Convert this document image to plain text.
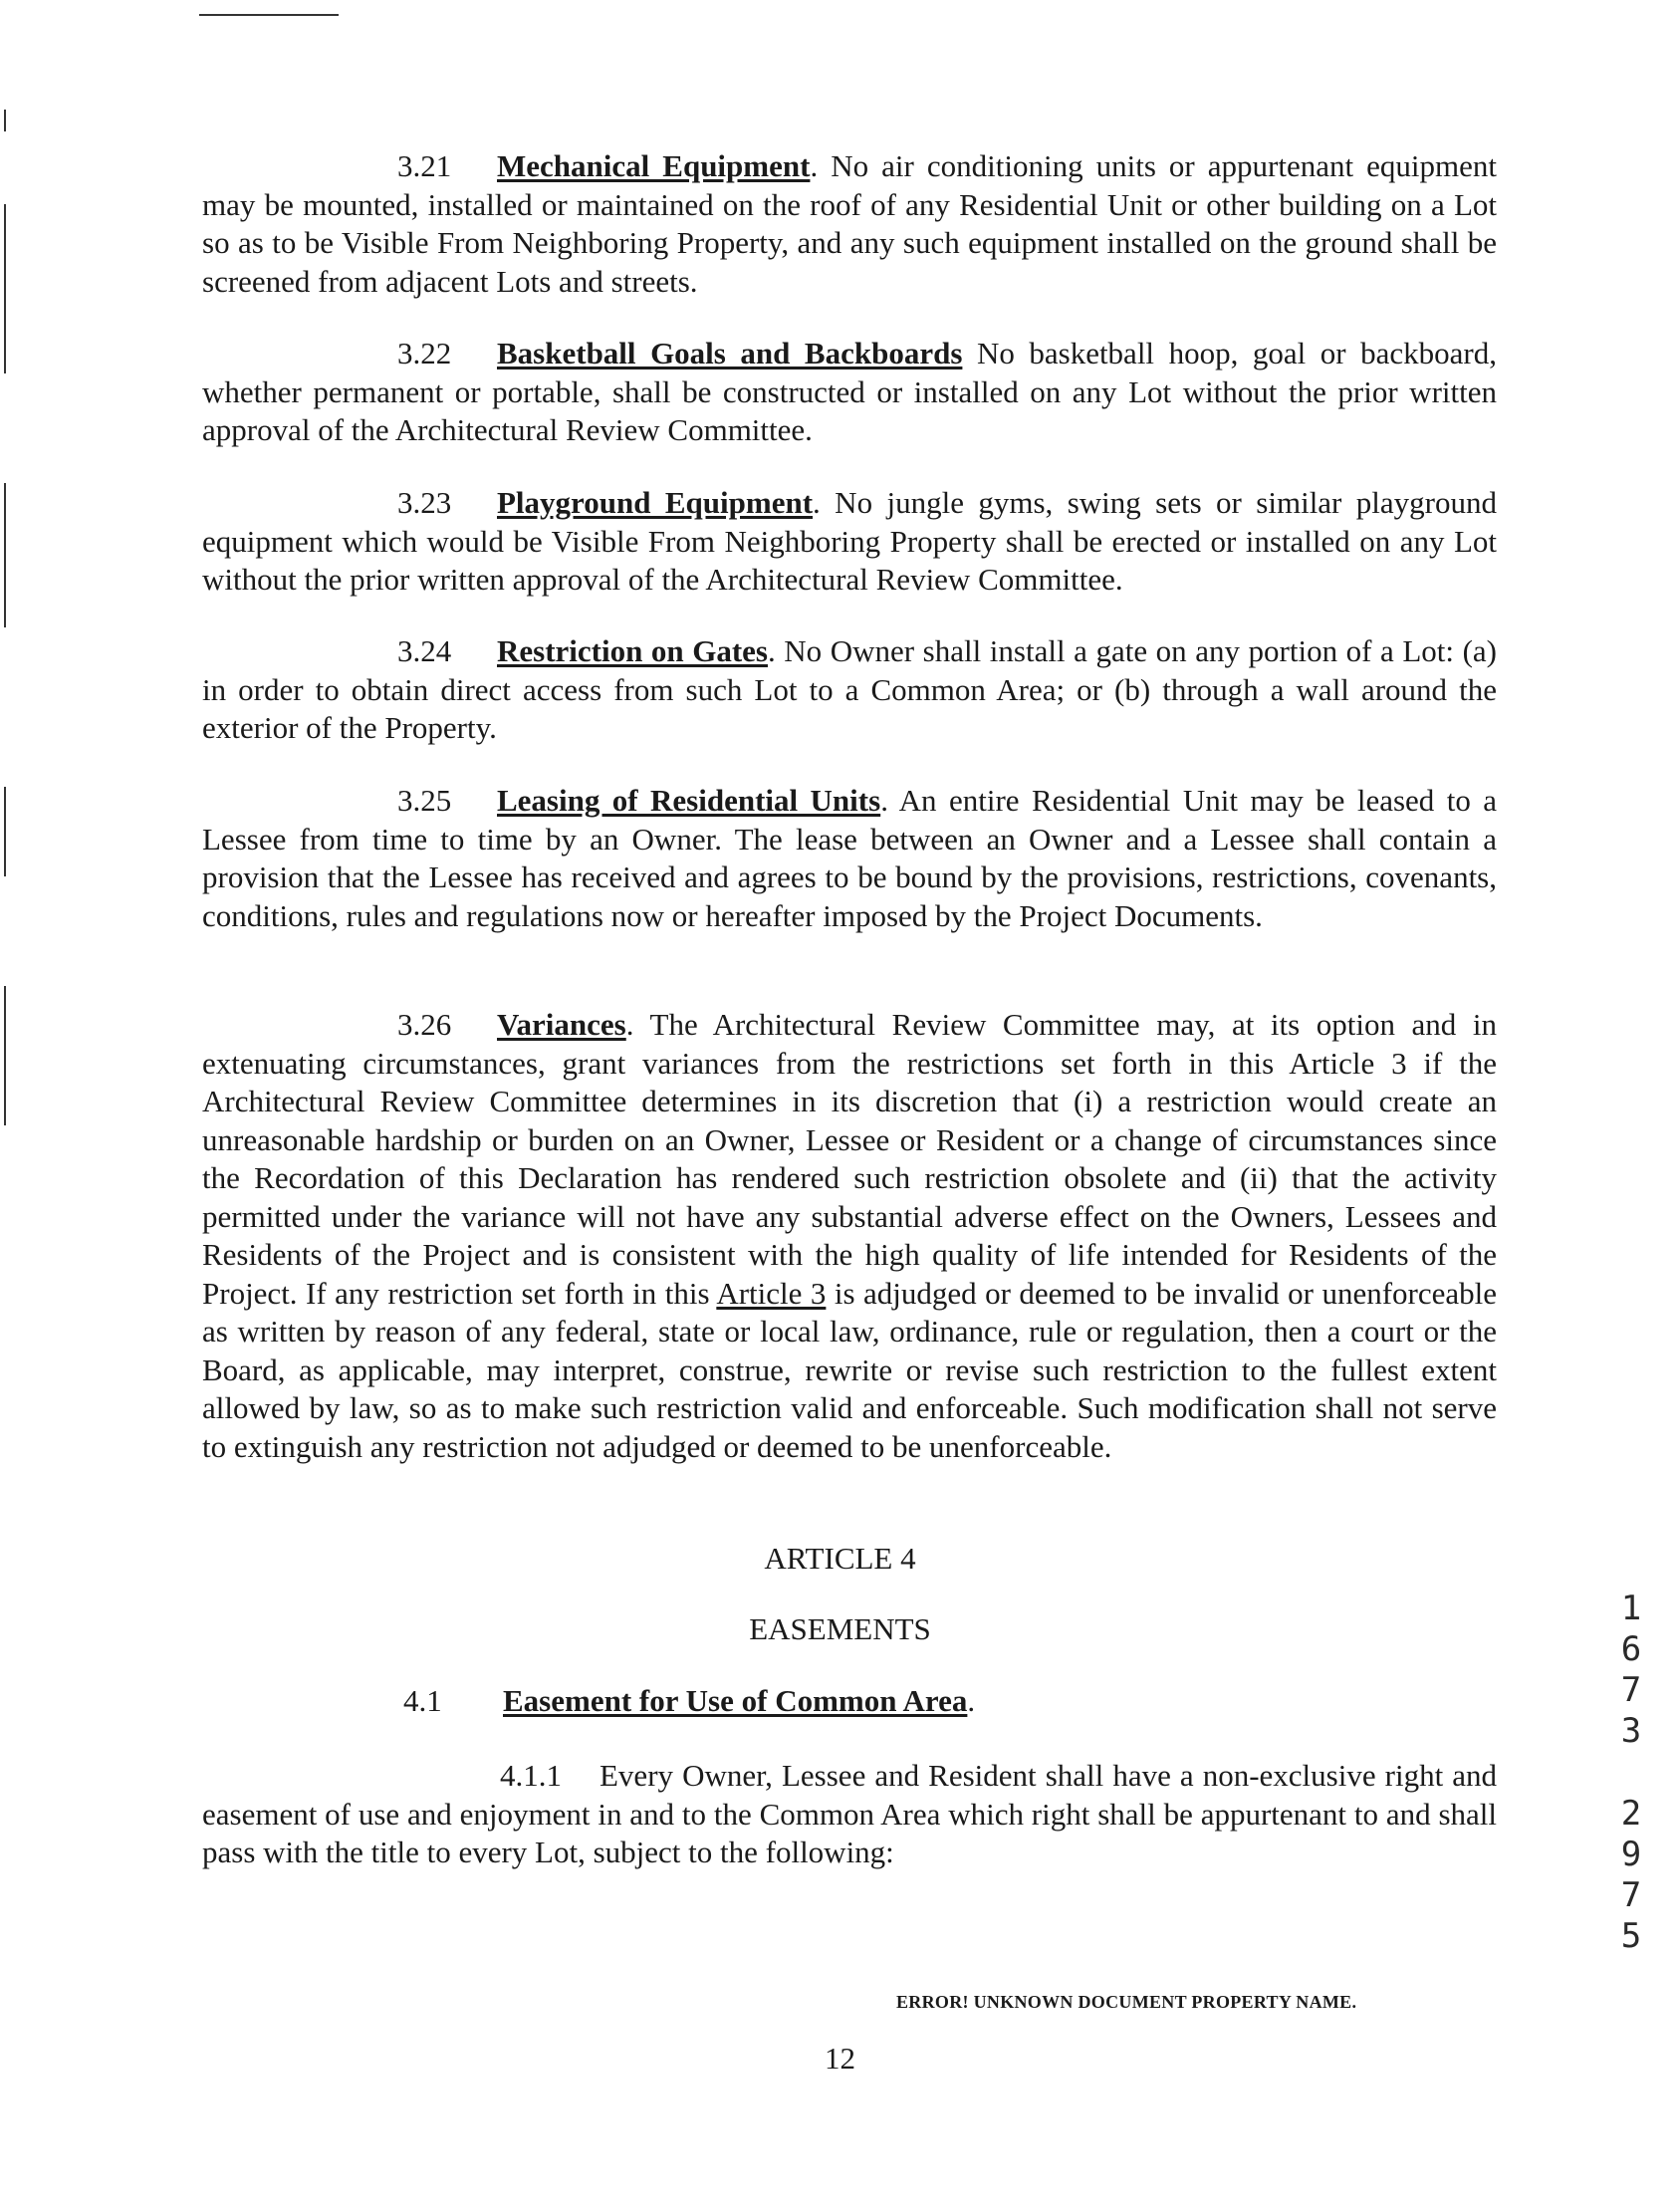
3.21 Mechanical Equipment. No air conditioning units or appurtenant equipment may be mounted, installed or maintained on the roof of any Residential Unit or other building on a Lot so as to be Visible From Neighboring Property, and any such equipment installed on the ground shall be screened from adjacent Lots and streets.

3.22 Basketball Goals and Backboards No basketball hoop, goal or backboard, whether permanent or portable, shall be constructed or installed on any Lot without the prior written approval of the Architectural Review Committee.

3.23 Playground Equipment. No jungle gyms, swing sets or similar playground equipment which would be Visible From Neighboring Property shall be erected or installed on any Lot without the prior written approval of the Architectural Review Committee.

3.24 Restriction on Gates. No Owner shall install a gate on any portion of a Lot: (a) in order to obtain direct access from such Lot to a Common Area; or (b) through a wall around the exterior of the Property.

3.25 Leasing of Residential Units. An entire Residential Unit may be leased to a Lessee from time to time by an Owner. The lease between an Owner and a Lessee shall contain a provision that the Lessee has received and agrees to be bound by the provisions, restrictions, covenants, conditions, rules and regulations now or hereafter imposed by the Project Documents.

3.26 Variances. The Architectural Review Committee may, at its option and in extenuating circumstances, grant variances from the restrictions set forth in this Article 3 if the Architectural Review Committee determines in its discretion that (i) a restriction would create an unreasonable hardship or burden on an Owner, Lessee or Resident or a change of circumstances since the Recordation of this Declaration has rendered such restriction obsolete and (ii) that the activity permitted under the variance will not have any substantial adverse effect on the Owners, Lessees and Residents of the Project and is consistent with the high quality of life intended for Residents of the Project. If any restriction set forth in this Article 3 is adjudged or deemed to be invalid or unenforceable as written by reason of any federal, state or local law, ordinance, rule or regulation, then a court or the Board, as applicable, may interpret, construe, rewrite or revise such restriction to the fullest extent allowed by law, so as to make such restriction valid and enforceable. Such modification shall not serve to extinguish any restriction not adjudged or deemed to be unenforceable.

ARTICLE 4

EASEMENTS

4.1 Easement for Use of Common Area.

4.1.1 Every Owner, Lessee and Resident shall have a non-exclusive right and easement of use and enjoyment in and to the Common Area which right shall be appurtenant to and shall pass with the title to every Lot, subject to the following:

ERROR! UNKNOWN DOCUMENT PROPERTY NAME.

12

1
6
7
3
2
9
7
5
